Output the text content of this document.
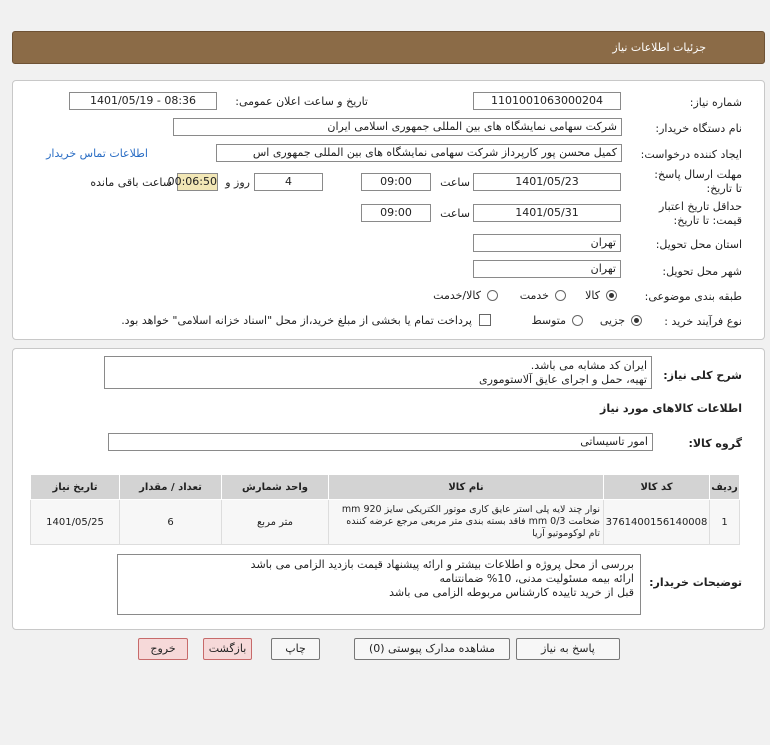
جزئیات اطلاعات نیاز
شماره نیاز:
1101001063000204
تاریخ و ساعت اعلان عمومی:
1401/05/19 - 08:36
نام دستگاه خریدار:
شرکت سهامی نمایشگاه های بین المللی جمهوری اسلامی ایران
ایجاد کننده درخواست:
کمیل محسن پور کارپرداز شرکت سهامی نمایشگاه های بین المللی جمهوری اس
اطلاعات تماس خریدار
مهلت ارسال پاسخ: تا تاریخ:
1401/05/23
ساعت
09:00
4
روز و
00:06:50
ساعت باقی مانده
حداقل تاریخ اعتبار قیمت: تا تاریخ:
1401/05/31
ساعت
09:00
استان محل تحویل:
تهران
شهر محل تحویل:
تهران
طبقه بندی موضوعی:
کالا
خدمت
کالا/خدمت
نوع فرآیند خرید :
جزیی
متوسط
پرداخت تمام یا بخشی از مبلغ خرید،از محل "اسناد خزانه اسلامی" خواهد بود.
شرح کلی نیاز:
ایران کد مشابه می باشد.
تهیه، حمل و اجرای عایق آلاستوموری
اطلاعات کالاهای مورد نیاز
گروه کالا:
امور تاسیساتی
ردیف	کد کالا	نام کالا	واحد شمارش	تعداد / مقدار	تاریخ نیاز
1	3761400156140008	نوار چند لایه پلی استر عایق کاری موتور الکتریکی سایز 920 mm ضخامت 0/3 mm فاقد بسته بندی متر مربعی مرجع عرضه کننده تام لوکوموتیو آریا	متر مربع	6	1401/05/25
توضیحات خریدار:
بررسی از محل پروژه و اطلاعات بیشتر و ارائه پیشنهاد قیمت بازدید الزامی می باشد
ارائه بیمه مسئولیت مدنی، 10% ضمانتنامه
قبل از خرید تاییده کارشناس مربوطه الزامی می باشد
پاسخ به نیاز
مشاهده مدارک پیوستی (0)
چاپ
بازگشت
خروج
